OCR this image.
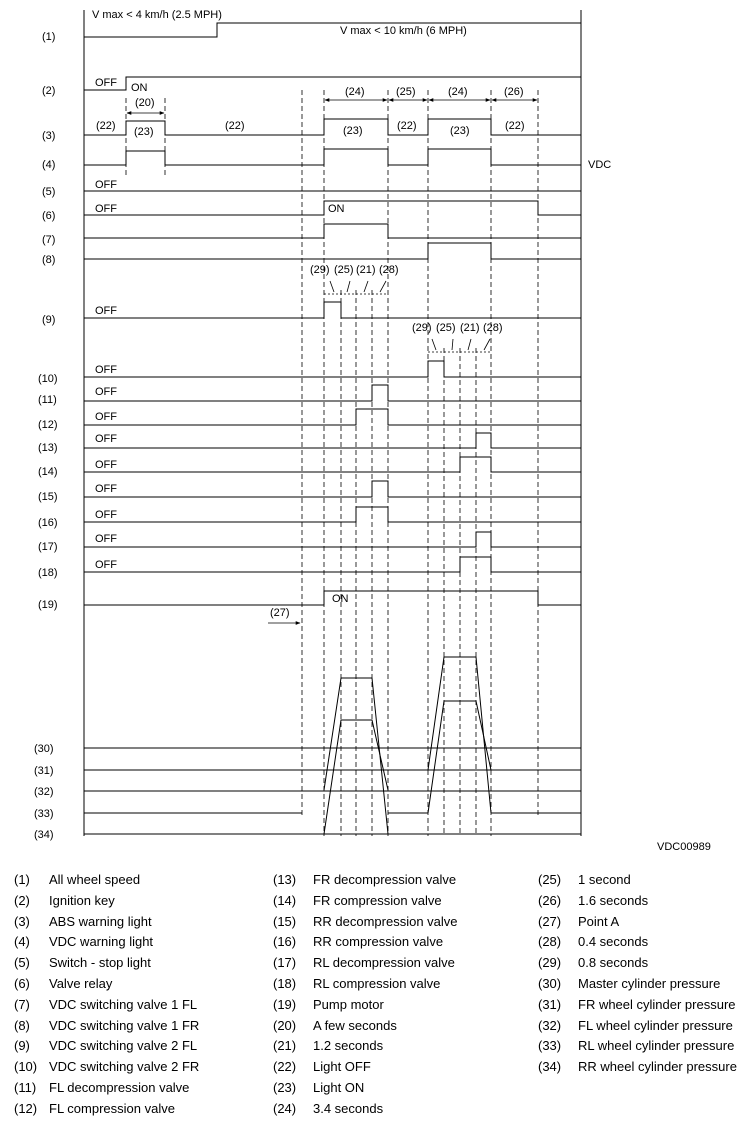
(1)
(2)
(3)
(4)
(5)
(6)
(7)
(8)
(9)
(10)
(11)
(12)
(13)
(14)
(15)
(16)
(17)
(18)
(19)
(30)
(31)
(32)
(33)
(34)
V max < 4 km/h (2.5 MPH)
V max < 10 km/h (6 MPH)
OFF ON
OFF
OFF	ON
OFF
OFF
OFF
OFF
OFF
OFF
OFF
OFF
OFF
OFF
ON
VDC
(20)
(22) (23)	(22)
(24)	(25)	(24)	(26)
(23)	(22)	(23)	(22)
(29) (25) (21) (28)
(29) (25) (21) (28)
(27)
VDC00989
(1) All wheel speed
(2) Ignition key
(3) ABS warning light
(4) VDC warning light
(5) Switch - stop light
(6) Valve relay
(7) VDC switching valve 1 FL
(8) VDC switching valve 1 FR
(9) VDC switching valve 2 FL
(10) VDC switching valve 2 FR
(11) FL decompression valve
(12) FL compression valve
(13) FR decompression valve
(14) FR compression valve
(15) RR decompression valve
(16) RR compression valve
(17) RL decompression valve
(18) RL compression valve
(19) Pump motor
(20) A few seconds
(21) 1.2 seconds
(22) Light OFF
(23) Light ON
(24) 3.4 seconds
(25) 1 second
(26) 1.6 seconds
(27) Point A
(28) 0.4 seconds
(29) 0.8 seconds
(30) Master cylinder pressure
(31) FR wheel cylinder pressure
(32) FL wheel cylinder pressure
(33) RL wheel cylinder pressure
(34) RR wheel cylinder pressure
